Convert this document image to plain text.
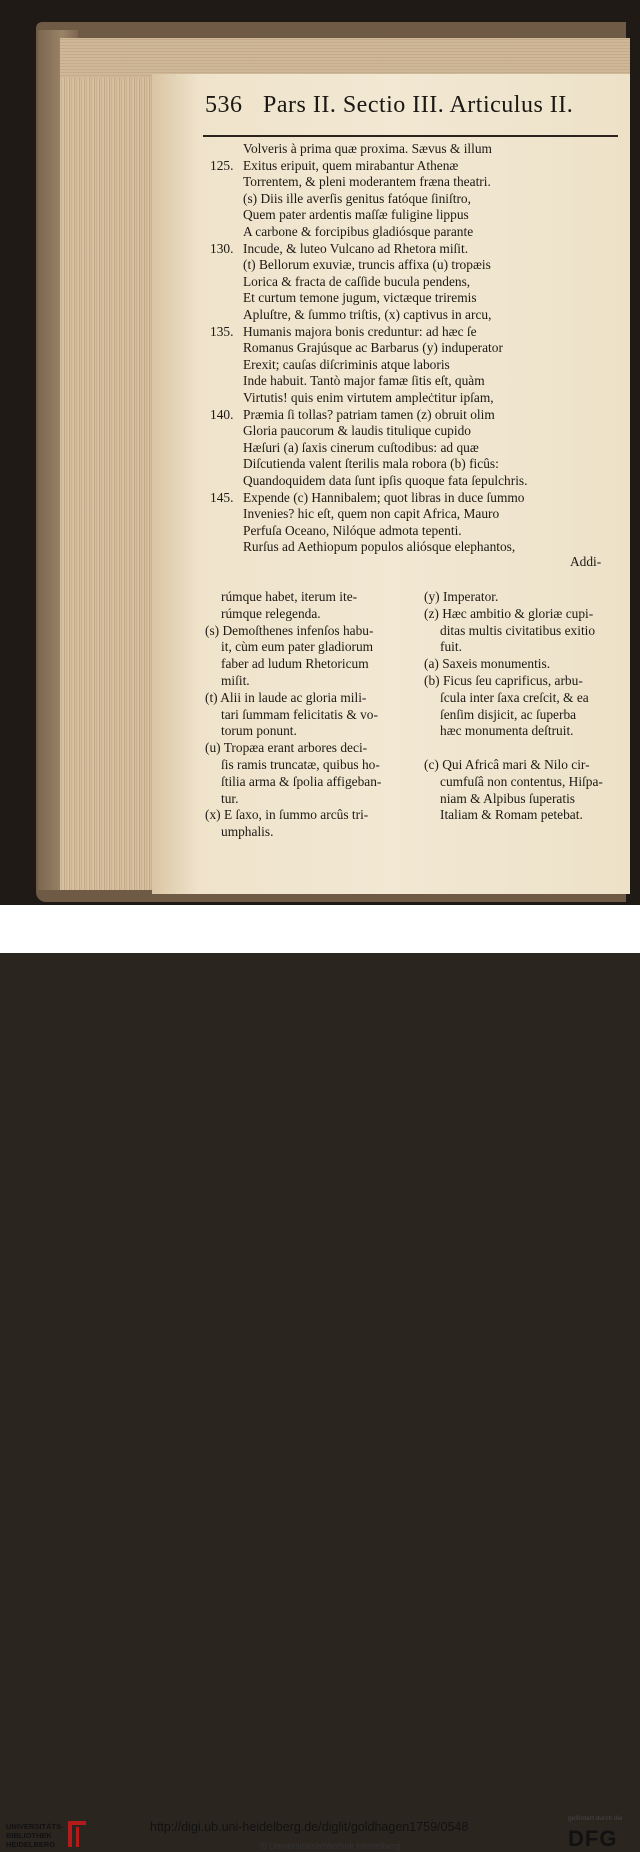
536 Pars II. Sectio III. Articulus II.
Volveris à prima quæ proxima. Sævus & illum
125. Exitus eripuit, quem mirabantur Athenæ
Torrentem, & pleni moderantem fræna theatri.
(s) Diis ille averſis genitus fatóque ſiniſtro,
Quem pater ardentis maſſæ fuligine lippus
A carbone & forcipibus gladiósque parante
130. Incude, & luteo Vulcano ad Rhetora miſit.
(t) Bellorum exuviæ, truncis affixa (u) tropæis
Lorica & fracta de caſſide bucula pendens,
Et curtum temone jugum, victæque triremis
Apluſtre, & ſummo triſtis, (x) captivus in arcu,
135. Humanis majora bonis creduntur: ad hæc ſe
Romanus Grajúsque ac Barbarus (y) induperator
Erexit; cauſas diſcriminis atque laboris
Inde habuit. Tantò major famæ ſitis eſt, quàm
Virtutis! quis enim virtutem ampleċtitur ipſam,
140. Præmia ſi tollas? patriam tamen (z) obruit olim
Gloria paucorum & laudis titulique cupido
Hæſuri (a) ſaxis cinerum cuſtodibus: ad quæ
Diſcutienda valent ſterilis mala robora (b) ficûs:
Quandoquidem data ſunt ipſis quoque fata ſepulchris.
145. Expende (c) Hannibalem; quot libras in duce ſummo
Invenies? hic eſt, quem non capit Africa, Mauro
Perfuſa Oceano, Nilóque admota tepenti.
Rurſus ad Aethiopum populos aliósque elephantos,
Addi-
rúmque habet, iterum ite-
rúmque relegenda.
(s) Demoſthenes infenſos habu-
it, cùm eum pater gladiorum
faber ad ludum Rhetoricum
miſit.
(t) Alii in laude ac gloria mili-
tari ſummam felicitatis & vo-
torum ponunt.
(u) Tropæa erant arbores deci-
ſis ramis truncatæ, quibus ho-
ſtilia arma & ſpolia affigeban-
tur.
(x) E ſaxo, in ſummo arcûs tri-
umphalis.
(y) Imperator.
(z) Hæc ambitio & gloriæ cupi-
ditas multis civitatibus exitio
fuit.
(a) Saxeis monumentis.
(b) Ficus ſeu caprificus, arbu-
ſcula inter ſaxa creſcit, & ea
ſenſim disjicit, ac ſuperba
hæc monumenta deſtruit.
(c) Qui Africâ mari & Nilo cir-
cumfuſâ non contentus, Hiſpa-
niam & Alpibus ſuperatis
Italiam & Romam petebat.
UNIVERSITÄTS-
BIBLIOTHEK
HEIDELBERG
http://digi.ub.uni-heidelberg.de/diglit/goldhagen1759/0548
© Universitätsbibliothek Heidelberg
gefördert durch die
DFG
